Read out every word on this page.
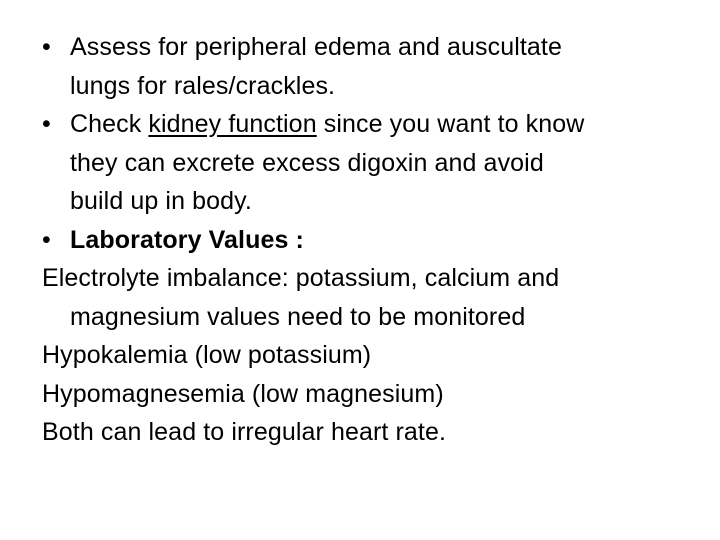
• Assess for peripheral edema and auscultate
lungs for rales/crackles.
• Check kidney function since you want to know
they can excrete excess digoxin and avoid
build up in body.
• Laboratory Values :
Electrolyte imbalance: potassium, calcium and
magnesium values need to be monitored
Hypokalemia (low potassium)
Hypomagnesemia (low magnesium)
Both can lead to irregular heart rate.
